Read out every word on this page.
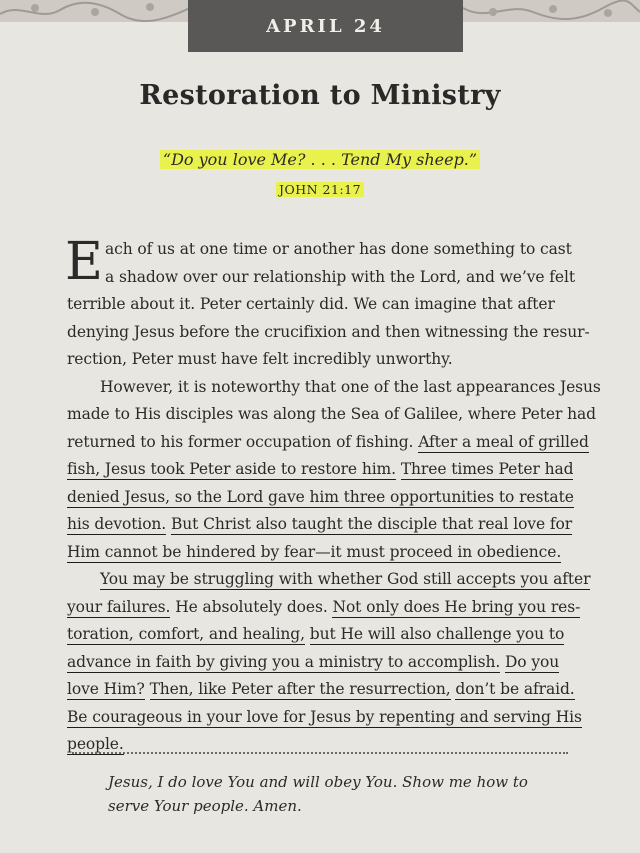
APRIL 24
Restoration to Ministry
“Do you love Me? . . . Tend My sheep.”
JOHN 21:17
E ach of us at one time or another has done something to cast
a shadow over our relationship with the Lord, and we’ve felt
terrible about it. Peter certainly did. We can imagine that after
denying Jesus before the crucifixion and then witnessing the resur-
rection, Peter must have felt incredibly unworthy.
However, it is noteworthy that one of the last appearances Jesus
made to His disciples was along the Sea of Galilee, where Peter had
returned to his former occupation of fishing. After a meal of grilled
fish, Jesus took Peter aside to restore him. Three times Peter had
denied Jesus, so the Lord gave him three opportunities to restate
his devotion. But Christ also taught the disciple that real love for
Him cannot be hindered by fear—it must proceed in obedience.
You may be struggling with whether God still accepts you after
your failures. He absolutely does. Not only does He bring you res-
toration, comfort, and healing, but He will also challenge you to
advance in faith by giving you a ministry to accomplish. Do you
love Him? Then, like Peter after the resurrection, don’t be afraid.
Be courageous in your love for Jesus by repenting and serving His
people.
Jesus, I do love You and will obey You. Show me how to
serve Your people. Amen.
